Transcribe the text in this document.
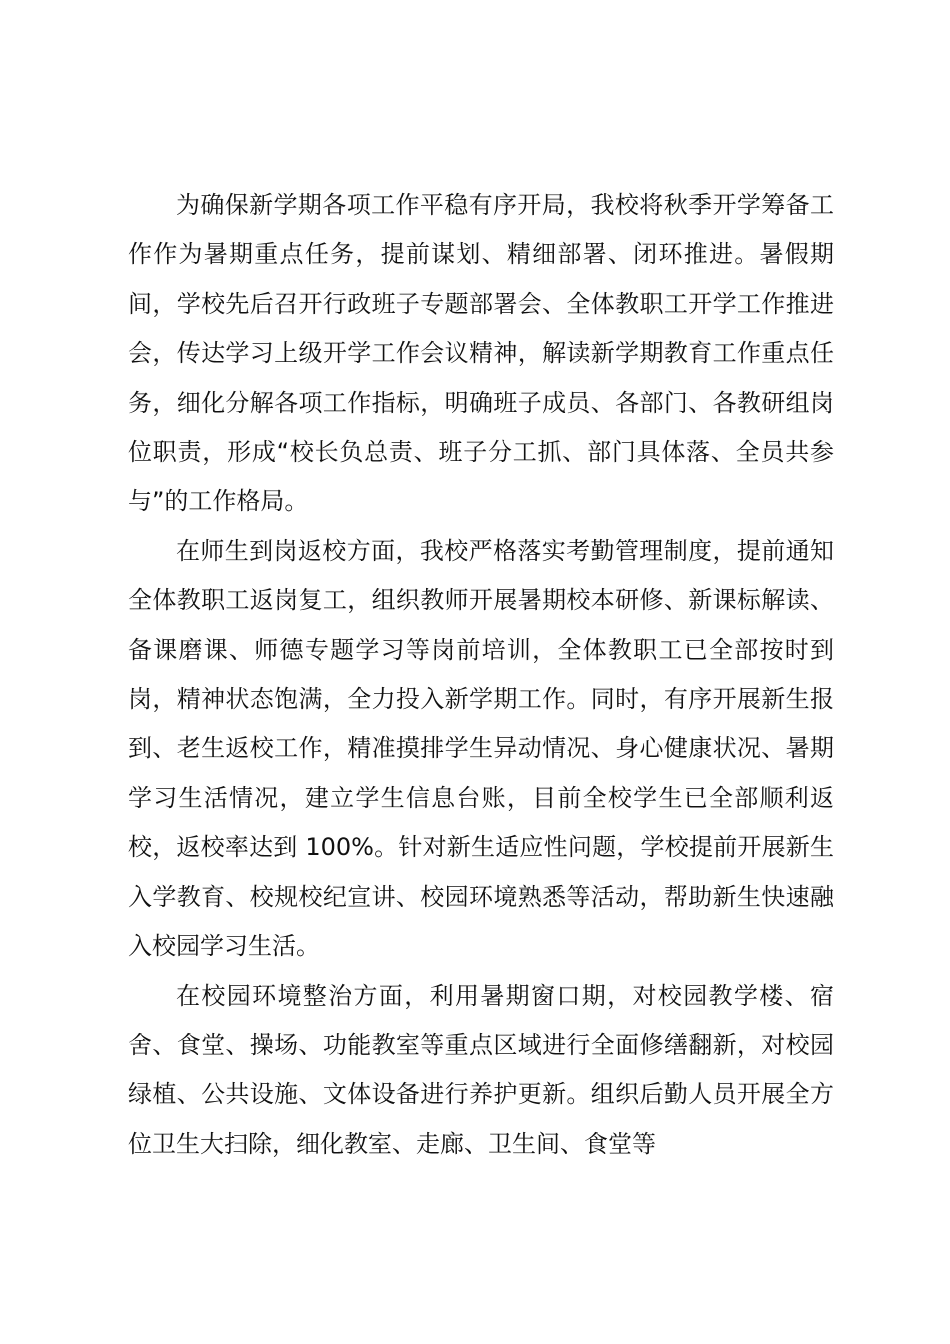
为确保新学期各项工作平稳有序开局，我校将秋季开学筹备工作作为暑期重点任务，提前谋划、精细部署、闭环推进。暑假期间，学校先后召开行政班子专题部署会、全体教职工开学工作推进会，传达学习上级开学工作会议精神，解读新学期教育工作重点任务，细化分解各项工作指标，明确班子成员、各部门、各教研组岗位职责，形成“校长负总责、班子分工抓、部门具体落、全员共参与”的工作格局。

在师生到岗返校方面，我校严格落实考勤管理制度，提前通知全体教职工返岗复工，组织教师开展暑期校本研修、新课标解读、备课磨课、师德专题学习等岗前培训，全体教职工已全部按时到岗，精神状态饱满，全力投入新学期工作。同时，有序开展新生报到、老生返校工作，精准摸排学生异动情况、身心健康状况、暑期学习生活情况，建立学生信息台账，目前全校学生已全部顺利返校，返校率达到 100%。针对新生适应性问题，学校提前开展新生入学教育、校规校纪宣讲、校园环境熟悉等活动，帮助新生快速融入校园学习生活。

在校园环境整治方面，利用暑期窗口期，对校园教学楼、宿舍、食堂、操场、功能教室等重点区域进行全面修缮翻新，对校园绿植、公共设施、文体设备进行养护更新。组织后勤人员开展全方位卫生大扫除，细化教室、走廊、卫生间、食堂等
